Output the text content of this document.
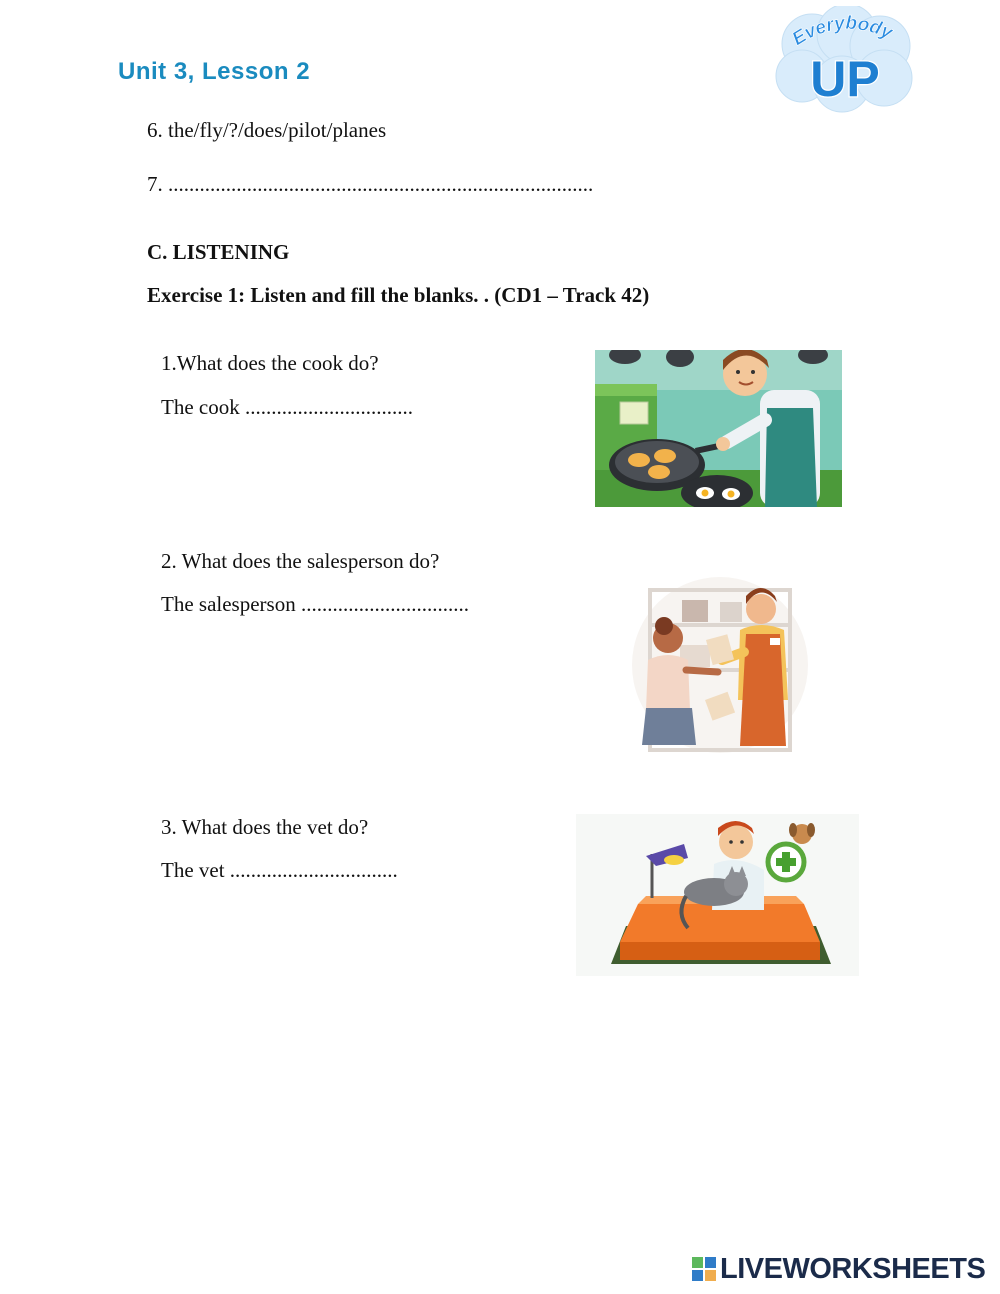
Unit 3, Lesson 2
Everybody
UP
6. the/fly/?/does/pilot/planes
7. .................................................................................
C. LISTENING
Exercise 1: Listen and fill the blanks. . (CD1 – Track 42)
1.What does the cook do?
The cook ................................
2. What does the salesperson do?
The salesperson ................................
3. What does the vet do?
The vet ................................
LIVEWORKSHEETS
